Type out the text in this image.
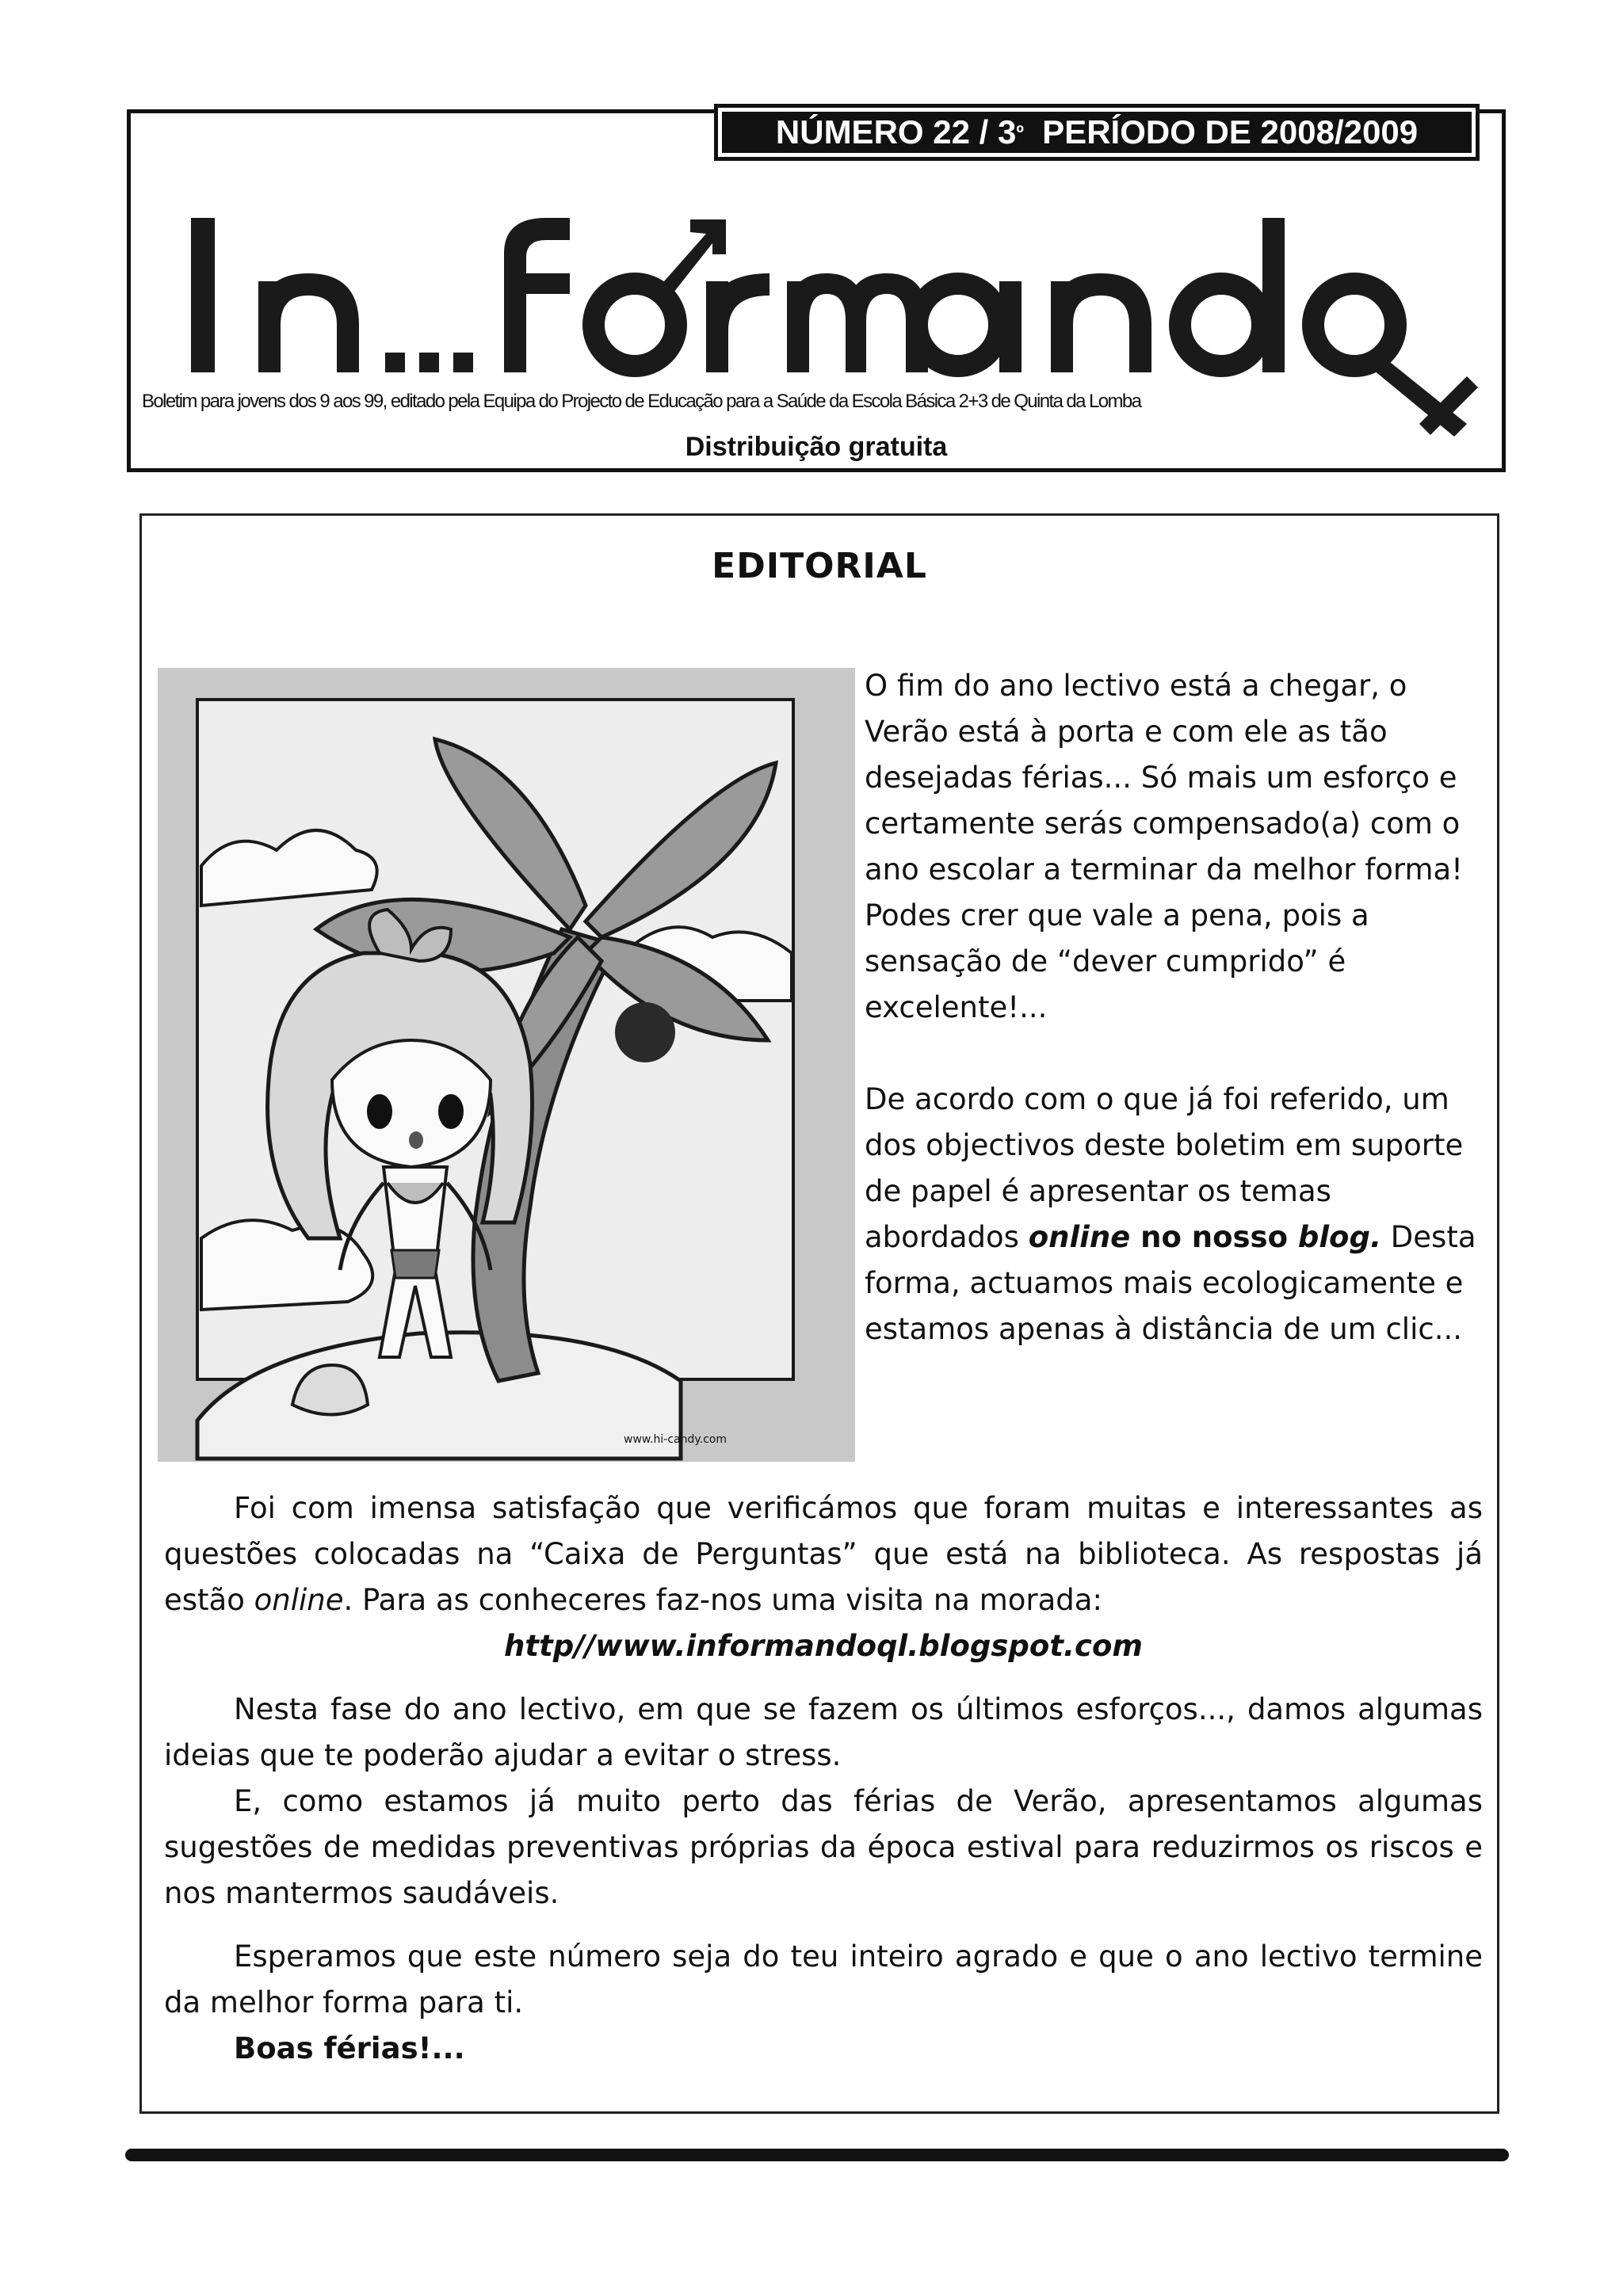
NÚMERO 22 / 3 º PERÍODO DE 2008/2009
Boletim para jovens dos 9 aos 99, editado pela Equipa do Projecto de Educação para a Saúde da Escola Básica 2+3 de Quinta da Lomba
Distribuição gratuita
EDITORIAL
www.hi-candy.com

O fim do ano lectivo está a chegar, o Verão está à porta e com ele as tão desejadas férias... Só mais um esforço e certamente serás compensado(a) com o ano escolar a terminar da melhor forma!

Podes crer que vale a pena, pois a sensação de “dever cumprido” é excelente!...

De acordo com o que já foi referido, um dos objectivos deste boletim em suporte de papel é apresentar os temas abordados online no nosso blog. Desta forma, actuamos mais ecologicamente e estamos apenas à distância de um clic...

Foi com imensa satisfação que verificámos que foram muitas e interessantes as questões colocadas na “Caixa de Perguntas” que está na biblioteca. As respostas já estão online. Para as conheceres faz-nos uma visita na morada:

http//www.informandoql.blogspot.com

Nesta fase do ano lectivo, em que se fazem os últimos esforços..., damos algumas ideias que te poderão ajudar a evitar o stress.

E, como estamos já muito perto das férias de Verão, apresentamos algumas sugestões de medidas preventivas próprias da época estival para reduzirmos os riscos e nos mantermos saudáveis.

Esperamos que este número seja do teu inteiro agrado e que o ano lectivo termine da melhor forma para ti.

Boas férias!...
